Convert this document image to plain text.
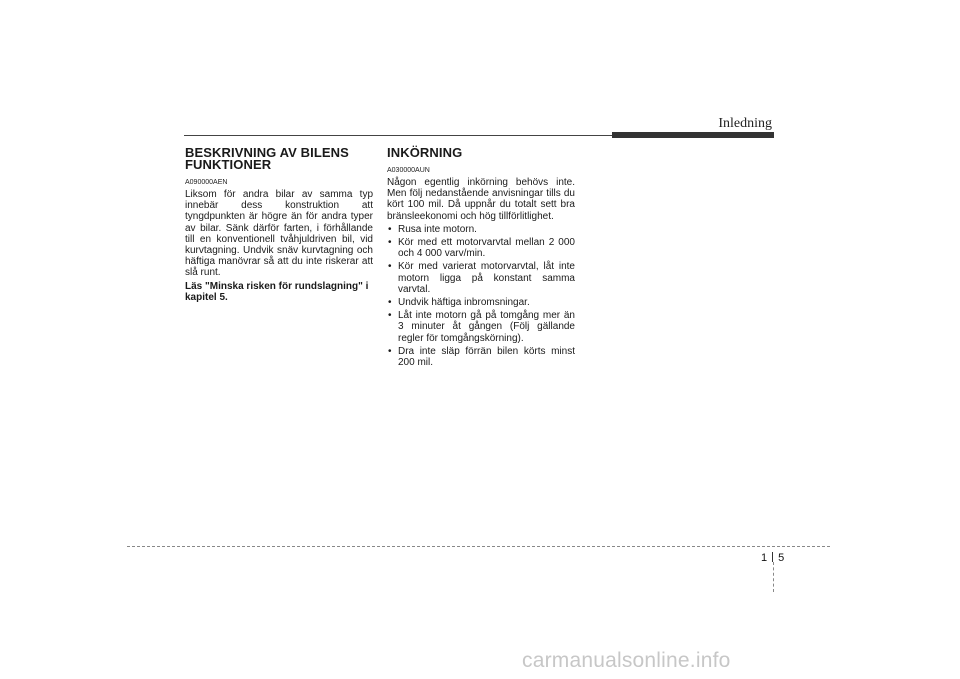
Inledning
BESKRIVNING AV BILENS
FUNKTIONER
A090000AEN

Liksom för andra bilar av samma typ innebär dess konstruktion att tyngdpunkten är högre än för andra typer av bilar. Sänk därför farten, i förhållande till en konventionell tvåhjuldriven bil, vid kurvtagning. Undvik snäv kurvtagning och häftiga manövrar så att du inte riskerar att slå runt.

Läs "Minska risken för rundslagning" i kapitel 5.

INKÖRNING
A030000AUN

Någon egentlig inkörning behövs inte. Men följ nedanstående anvisningar tills du kört 100 mil. Då uppnår du totalt sett bra bränsleekonomi och hög tillförlitlighet.

• Rusa inte motorn.
• Kör med ett motorvarvtal mellan 2 000 och 4 000 varv/min.
• Kör med varierat motorvarvtal, låt inte motorn ligga på konstant samma varvtal.
• Undvik häftiga inbromsningar.
• Låt inte motorn gå på tomgång mer än 3 minuter åt gången (Följ gällande regler för tomgångskörning).
• Dra inte släp förrän bilen körts minst 200 mil.
1 5
carmanualsonline.info
